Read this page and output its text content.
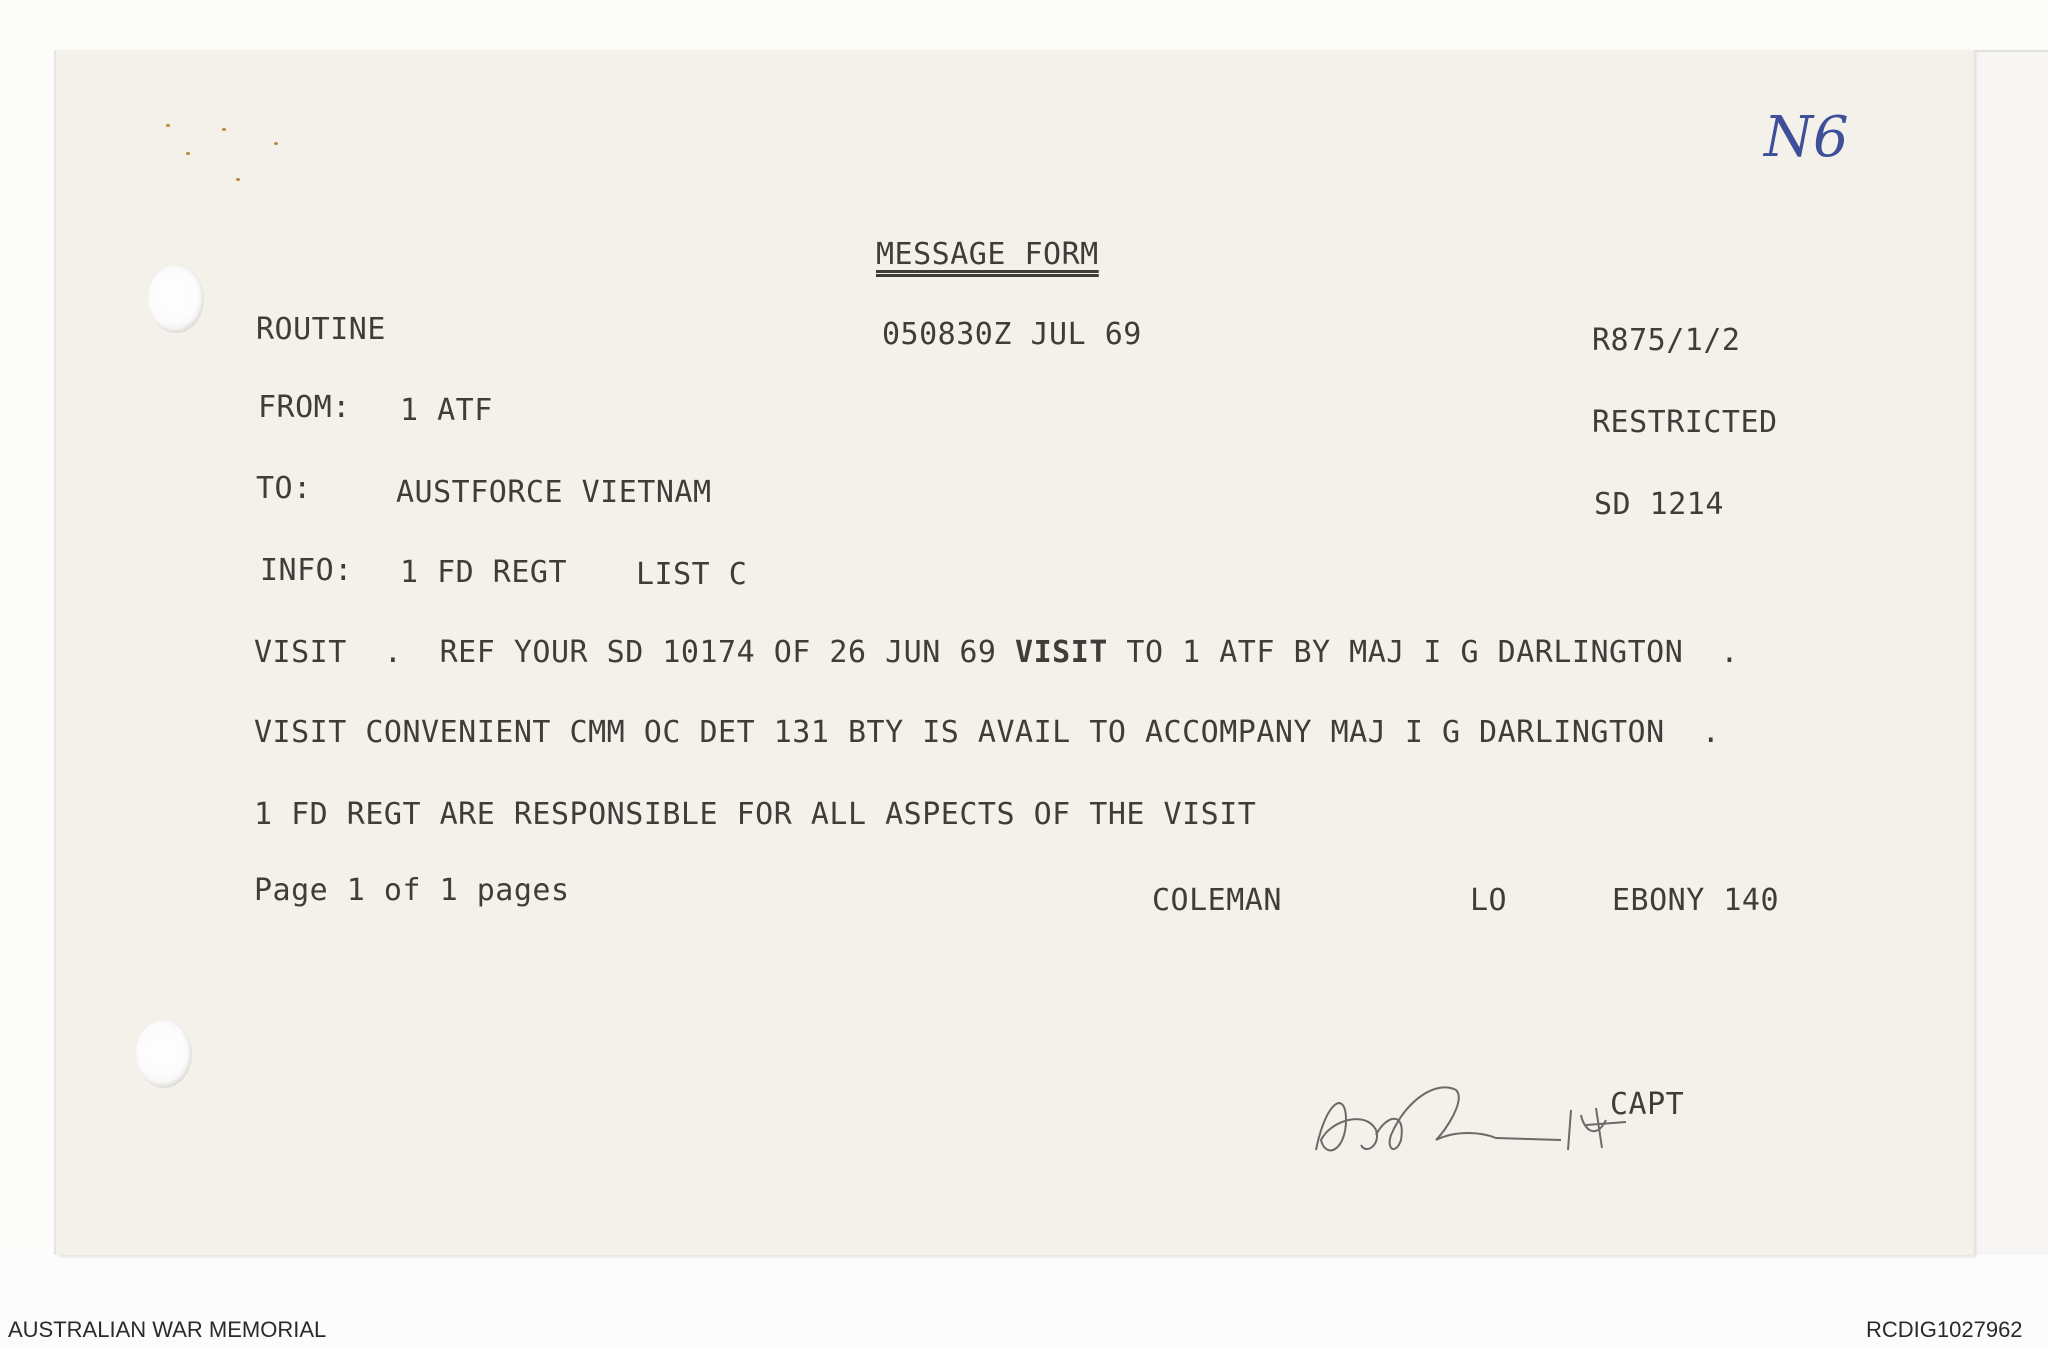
N6
MESSAGE FORM
ROUTINE	050830Z JUL 69	R875/1/2
FROM: 1 ATF	RESTRICTED
TO:	AUSTFORCE VIETNAM	SD 1214
INFO: 1 FD REGT LIST C
VISIT  .  REF YOUR SD 10174 OF 26 JUN 69 VISIT TO 1 ATF BY MAJ I G DARLINGTON  .
VISIT CONVENIENT CMM OC DET 131 BTY IS AVAIL TO ACCOMPANY MAJ I G DARLINGTON  .
1 FD REGT ARE RESPONSIBLE FOR ALL ASPECTS OF THE VISIT
Page 1 of 1 pages	COLEMAN	LO	EBONY 140
CAPT
AUSTRALIAN WAR MEMORIAL	RCDIG1027962
